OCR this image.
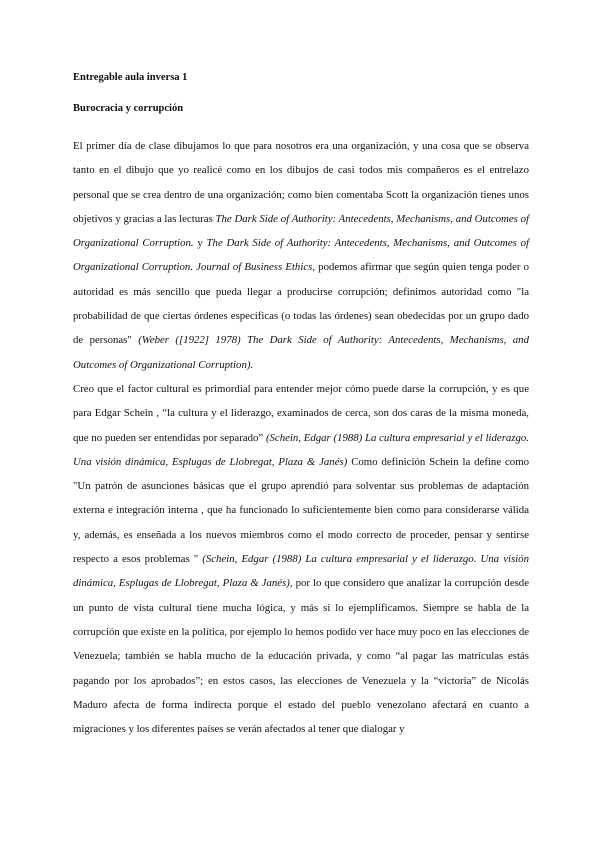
Entregable aula inversa 1
Burocracia y corrupción

El primer día de clase dibujamos lo que para nosotros era una organización, y una cosa que se observa tanto en el dibujo que yo realicé como en los dibujos de casi todos mis compañeros es el entrelazo personal que se crea dentro de una organización; como bien comentaba Scott la organización tienes unos objetivos y gracias a las lecturas The Dark Side of Authority: Antecedents, Mechanisms, and Outcomes of Organizational Corruption. y The Dark Side of Authority: Antecedents, Mechanisms, and Outcomes of Organizational Corruption. Journal of Business Ethics, podemos afirmar que según quien tenga poder o autoridad es más sencillo que pueda llegar a producirse corrupción; definimos autoridad como "la probabilidad de que ciertas órdenes específicas (o todas las órdenes) sean obedecidas por un grupo dado de personas" (Weber ([1922] 1978) The Dark Side of Authority: Antecedents, Mechanisms, and Outcomes of Organizational Corruption).

Creo que el factor cultural es primordial para entender mejor cómo puede darse la corrupción, y es que para Edgar Schein , “la cultura y el liderazgo, examinados de cerca, son dos caras de la misma moneda, que no pueden ser entendidas por separado” (Schein, Edgar (1988) La cultura empresarial y el liderazgo. Una visión dinámica, Esplugas de Llobregat, Plaza & Janés) Como definición Schein la define como "Un patrón de asunciones básicas que el grupo aprendió para solventar sus problemas de adaptación externa e integración interna , que ha funcionado lo suficientemente bien como para considerarse válida y, además, es enseñada a los nuevos miembros como el modo correcto de proceder, pensar y sentirse respecto a esos problemas " (Schein, Edgar (1988) La cultura empresarial y el liderazgo. Una visión dinámica, Esplugas de Llobregat, Plaza & Janés), por lo que considero que analizar la corrupción desde un punto de vista cultural tiene mucha lógica, y más si lo ejemplificamos. Siempre se habla de la corrupción que existe en la política, por ejemplo lo hemos podido ver hace muy poco en las elecciones de Venezuela; también se habla mucho de la educación privada, y como “al pagar las matrículas estás pagando por los aprobados”; en estos casos, las elecciones de Venezuela y la “victoria” de Nicolás Maduro afecta de forma indirecta porque el estado del pueblo venezolano afectará en cuanto a migraciones y los diferentes países se verán afectados al tener que dialogar y
